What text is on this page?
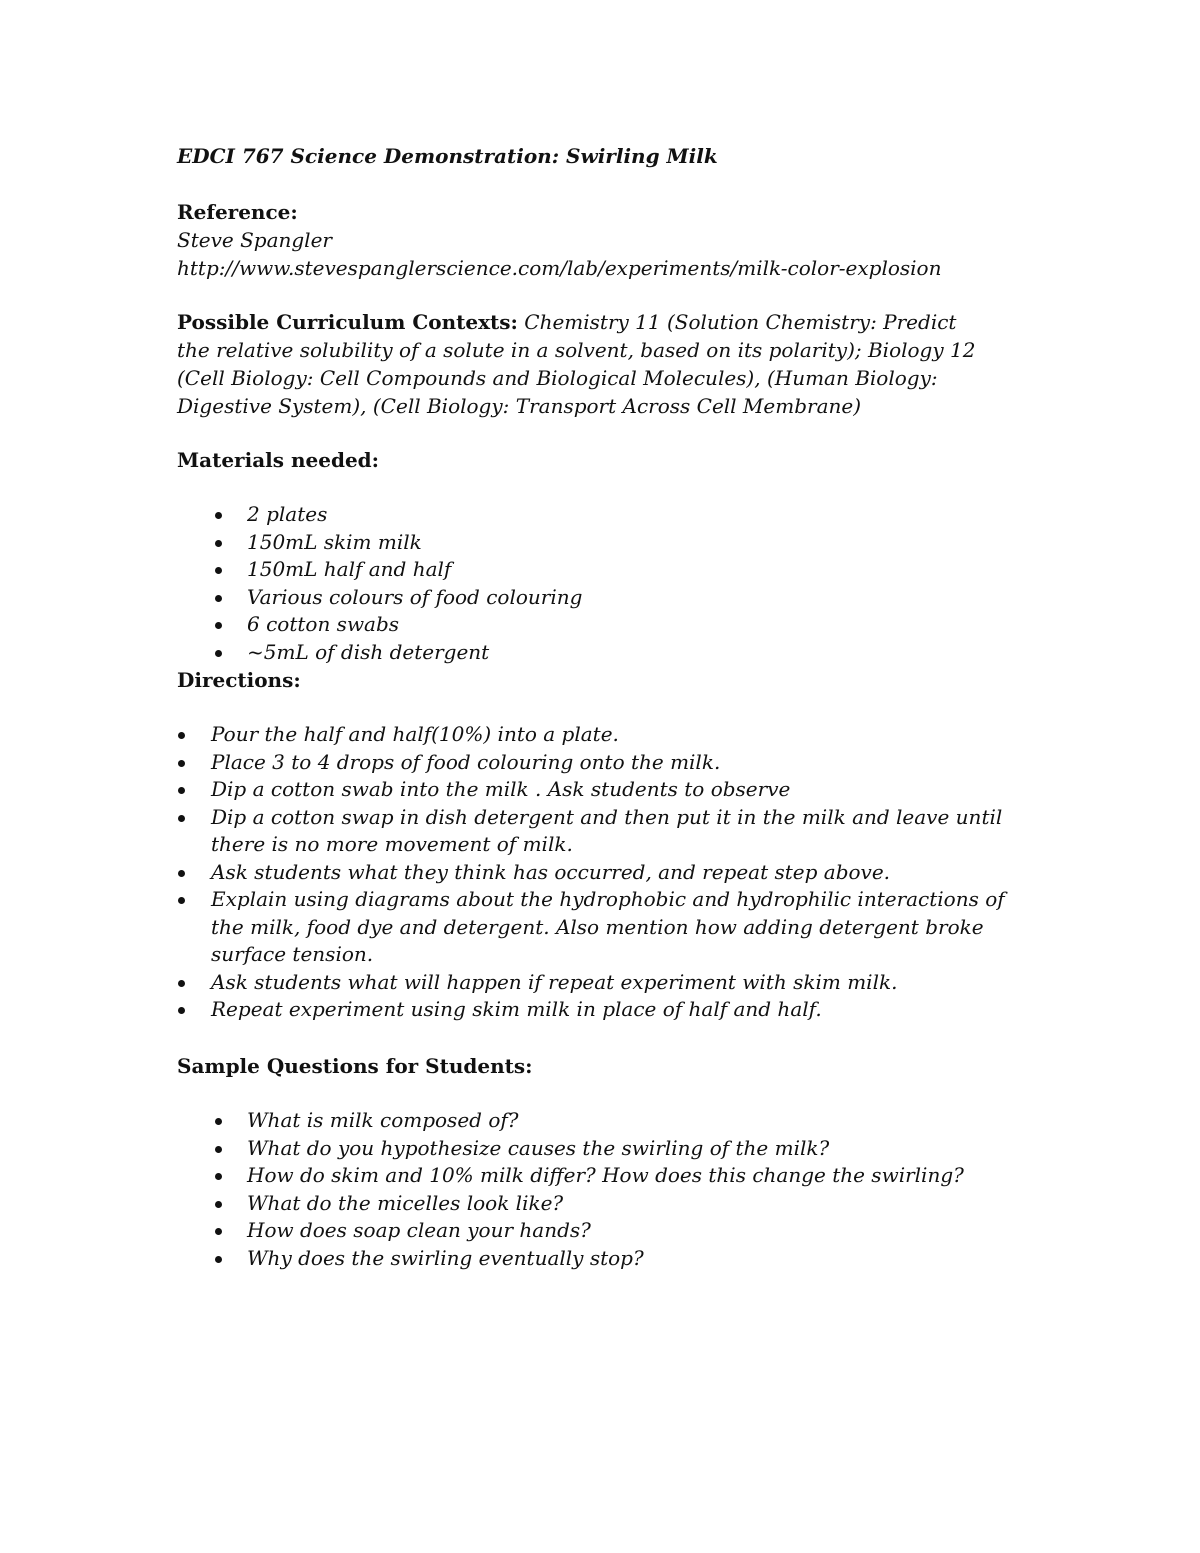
EDCI 767 Science Demonstration: Swirling Milk
Reference:
Steve Spangler
http://www.stevespanglerscience.com/lab/experiments/milk-color-explosion
Possible Curriculum Contexts: Chemistry 11 (Solution Chemistry: Predict the relative solubility of a solute in a solvent, based on its polarity); Biology 12 (Cell Biology: Cell Compounds and Biological Molecules), (Human Biology: Digestive System), (Cell Biology: Transport Across Cell Membrane)
Materials needed:
2 plates
150mL skim milk
150mL half and half
Various colours of food colouring
6 cotton swabs
~5mL of dish detergent
Directions:
Pour the half and half(10%) into a plate.
Place 3 to 4 drops of food colouring onto the milk.
Dip a cotton swab into the milk . Ask students to observe
Dip a cotton swap in dish detergent and then put it in the milk and leave until there is no more movement of milk.
Ask students what they think has occurred, and repeat step above.
Explain using diagrams about the hydrophobic and hydrophilic interactions of the milk, food dye and detergent. Also mention how adding detergent broke surface tension.
Ask students what will happen if repeat experiment with skim milk.
Repeat experiment using skim milk in place of half and half.
Sample Questions for Students:
What is milk composed of?
What do you hypothesize causes the swirling of the milk?
How do skim and 10% milk differ? How does this change the swirling?
What do the micelles look like?
How does soap clean your hands?
Why does the swirling eventually stop?
